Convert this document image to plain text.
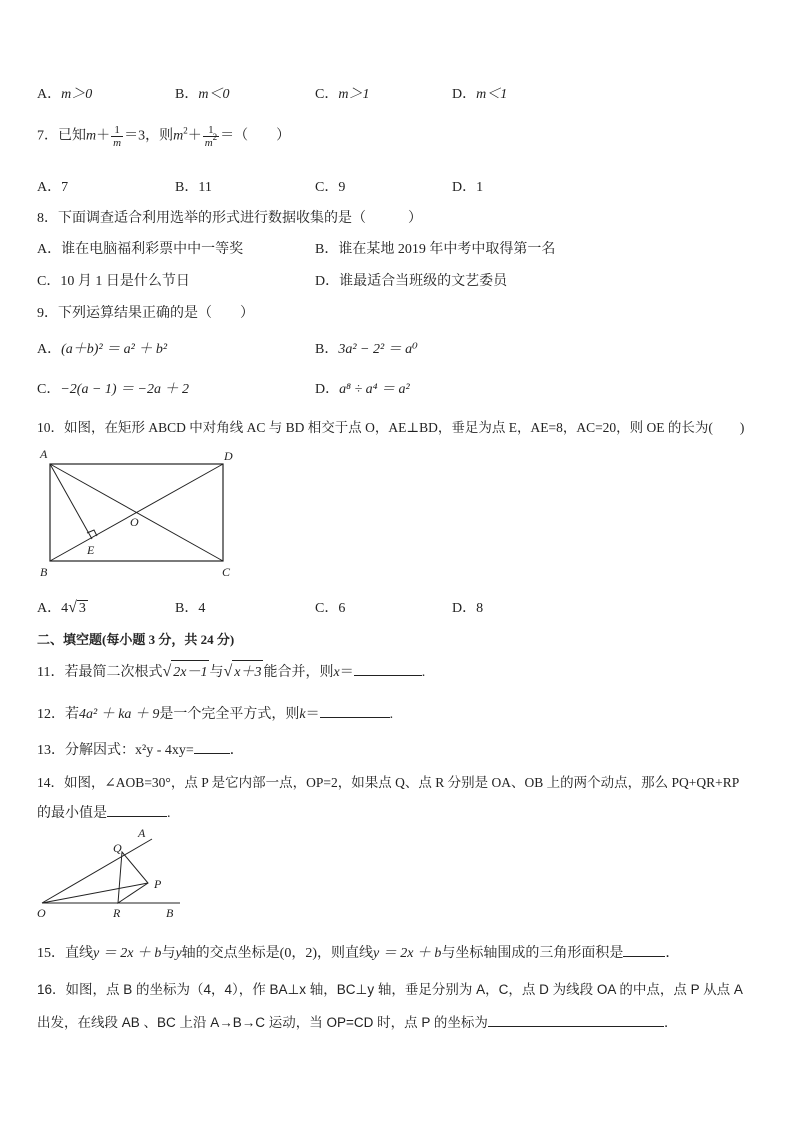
A．m＞0	B．m＜0	C．m＞1	D．m＜1
7．已知$m+ \frac{1}{m} =3$，则$m^2+ \frac{1}{m^2}$ ＝（　　）
A．7	B．11	C．9	D．1
8．下面调查适合利用选举的形式进行数据收集的是（　　　）
A．谁在电脑福利彩票中中一等奖	B．谁在某地 2019 年中考中取得第一名
C．10 月 1 日是什么节日	D．谁最适合当班级的文艺委员
9．下列运算结果正确的是（　　）
A．(a＋b)² ＝ a² ＋ b²	B．3a² − 2² ＝ a⁰
C．−2(a − 1) ＝ −2a ＋ 2	D．a⁸ ÷ a⁴ ＝ a²
10．如图，在矩形 ABCD 中对角线 AC 与 BD 相交于点 O，AE⊥BD，垂足为点 E，AE=8，AC=20，则 OE 的长为(　　)
A	D
B	C
O
E
A．4√ 3	B．4	C．6	D．8
二、填空题(每小题 3 分，共 24 分)
11．若最简二次根式√ 2x－1 与√ x＋3 能合并，则x＝	.
12．若4a² ＋ ka ＋ 9是一个完全平方式，则k＝	.
13．分解因式：x²y - 4xy=	．
14．如图，∠AOB=30°，点 P 是它内部一点，OP=2，如果点 Q、点 R 分别是 OA、OB 上的两个动点，那么 PQ+QR+RP
的最小值是	.
A
Q
P
O	R	B
15．直线y ＝ 2x ＋ b与y轴的交点坐标是(0，2)，则直线y ＝ 2x ＋ b与坐标轴围成的三角形面积是	．
16．如图，点 B 的坐标为（4，4），作 BA⊥x 轴，BC⊥y 轴，垂足分别为 A，C，点 D 为线段 OA 的中点，点 P 从点 A
出发，在线段 AB 、BC 上沿 A→B→C 运动，当 OP=CD 时，点 P 的坐标为	．
